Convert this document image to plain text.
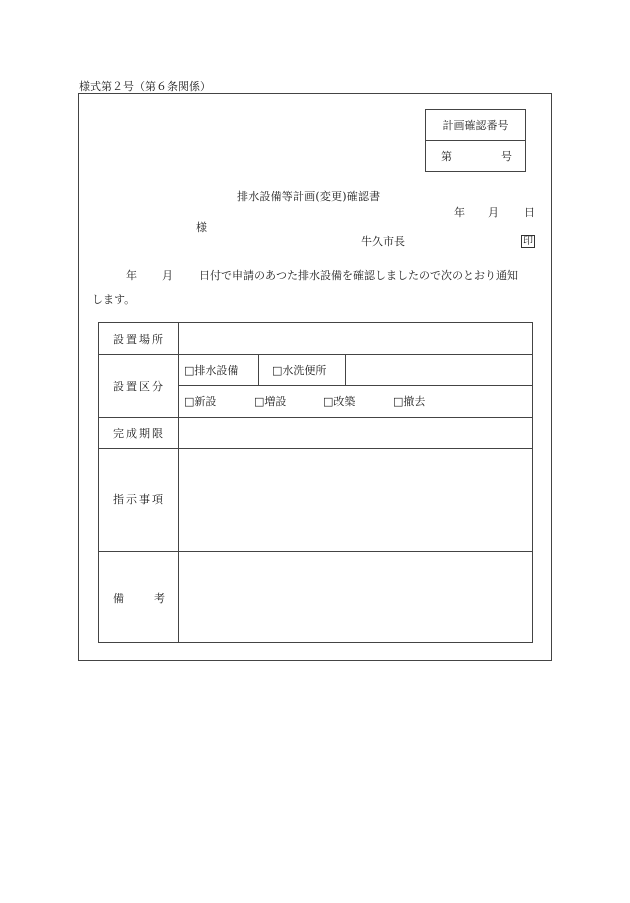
様式第２号（第６条関係）
計画確認番号
第	号
排水設備等計画(変更)確認書
年 月 日
様
牛久市長	印
年 月 日付で申請のあつた排水設備を確認しましたので次のとおり通知
します。
設置場所
設置区分
□排水設備	□水洗便所
□新設	□増設	□改築	□撤去
完成期限
指示事項
備	考
